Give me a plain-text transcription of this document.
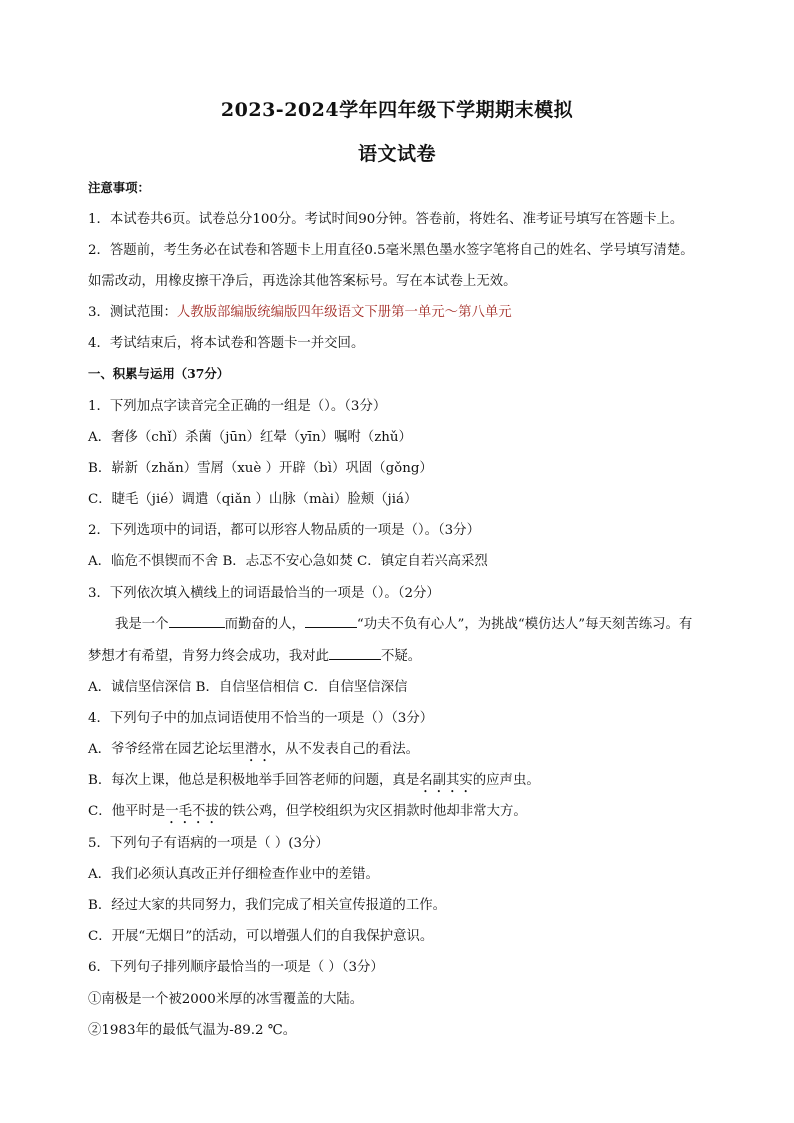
2023-2024学年四年级下学期期末模拟
语文试卷
注意事项：
1．本试卷共6页。试卷总分100分。考试时间90分钟。答卷前，将姓名、准考证号填写在答题卡上。
2．答题前，考生务必在试卷和答题卡上用直径0.5毫米黑色墨水签字笔将自己的姓名、学号填写清楚。
如需改动，用橡皮擦干净后，再选涂其他答案标号。写在本试卷上无效。
3．测试范围：人教版部编版统编版四年级语文下册第一单元～第八单元
4．考试结束后，将本试卷和答题卡一并交回。
一、积累与运用（37分）
1．下列加点字读音完全正确的一组是（）。（3分）
A．奢侈（chǐ）杀菌（jūn）红晕（yīn）嘱咐（zhǔ）
B．崭新（zhǎn）雪屑（xuè ）开辟（bì）巩固（gǒng）
C．睫毛（jié）调遣（qiǎn ）山脉（mài）脸颊（jiá）
2．下列选项中的词语，都可以形容人物品质的一项是（）。（3分）
A．临危不惧锲而不舍 B．忐忑不安心急如焚 C．镇定自若兴高采烈
3．下列依次填入横线上的词语最恰当的一项是（）。（2分）
我是一个	而勤奋的人，	“功夫不负有心人”，为挑战“模仿达人”每天刻苦练习。有
梦想才有希望，肯努力终会成功，我对此	不疑。
A．诚信坚信深信 B．自信坚信相信 C．自信坚信深信
4．下列句子中的加点词语使用不恰当的一项是（）（3分）
A．爷爷经常在园艺论坛里潜水，从不发表自己的看法。
B．每次上课，他总是积极地举手回答老师的问题，真是名副其实的应声虫。
C．他平时是一毛不拔的铁公鸡，但学校组织为灾区捐款时他却非常大方。
5．下列句子有语病的一项是（ ）(3分）
A．我们必须认真改正并仔细检查作业中的差错。
B．经过大家的共同努力，我们完成了相关宣传报道的工作。
C．开展“无烟日”的活动，可以增强人们的自我保护意识。
6．下列句子排列顺序最恰当的一项是（ ）（3分）
①南极是一个被2000米厚的冰雪覆盖的大陆。
②1983年的最低气温为-89.2 ℃。
